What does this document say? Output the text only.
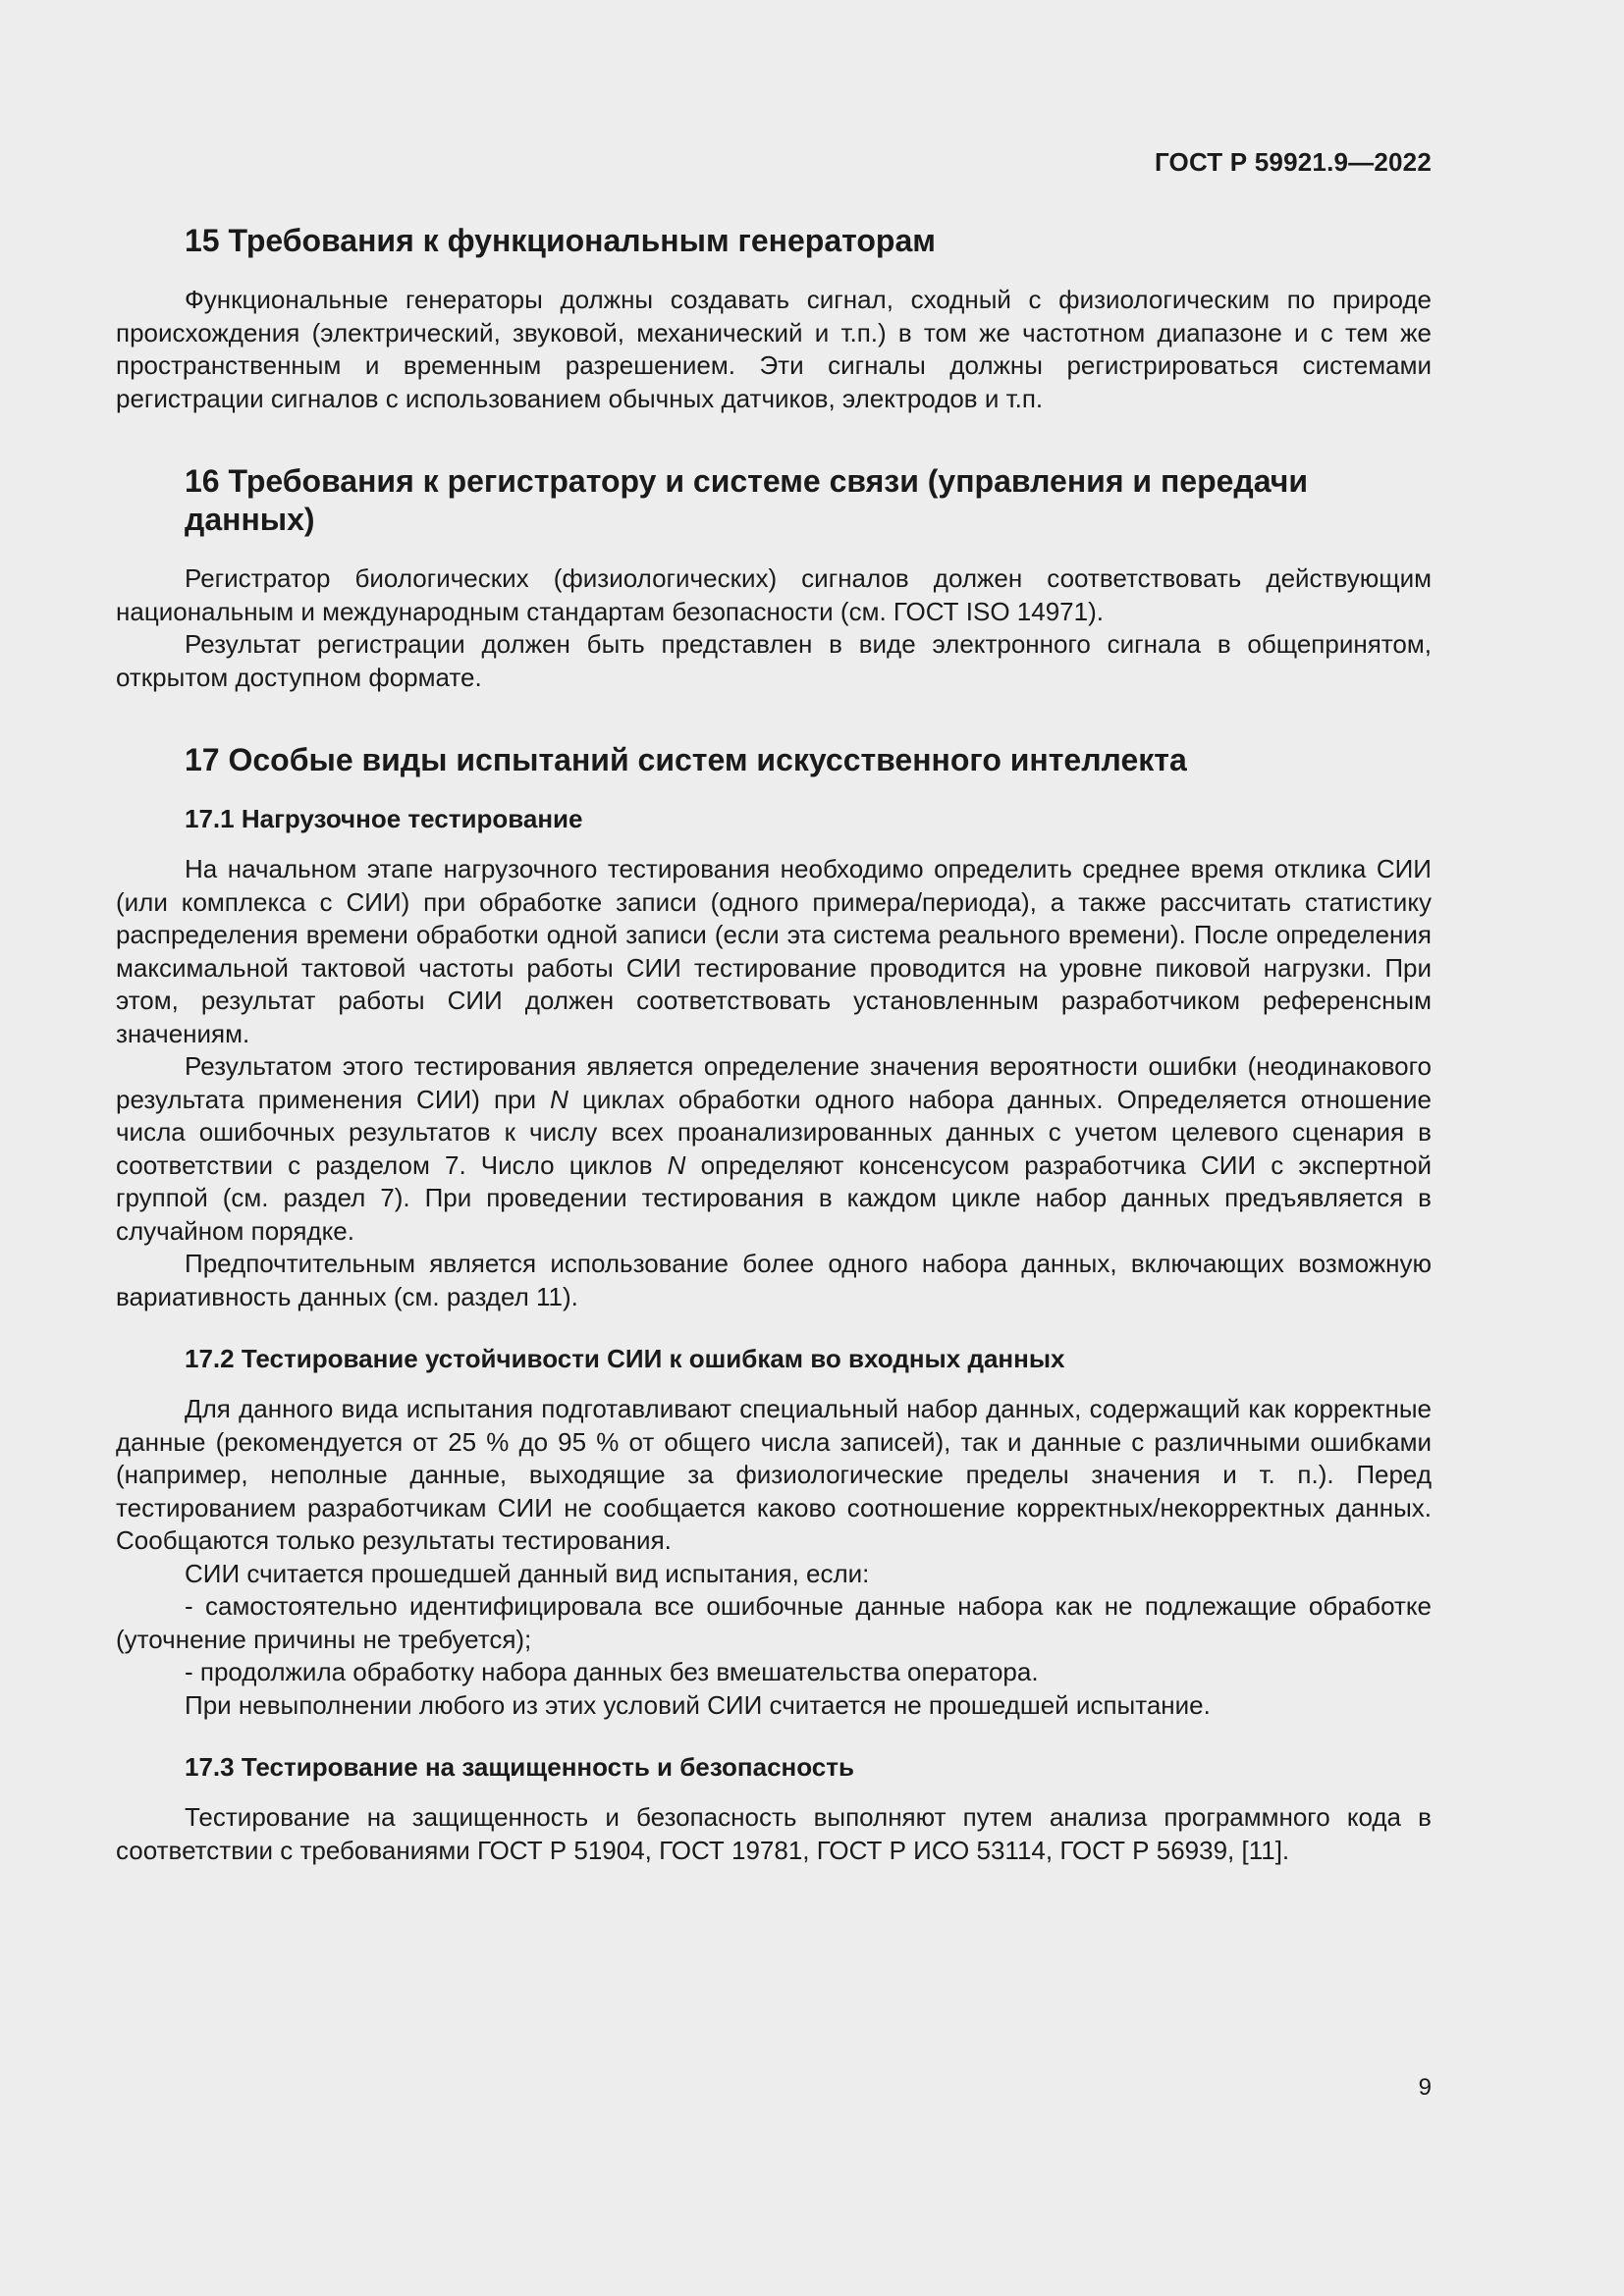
ГОСТ Р 59921.9—2022
15 Требования к функциональным генераторам

Функциональные генераторы должны создавать сигнал, сходный с физиологическим по природе происхождения (электрический, звуковой, механический и т.п.) в том же частотном диапазоне и с тем же пространственным и временным разрешением. Эти сигналы должны регистрироваться системами регистрации сигналов с использованием обычных датчиков, электродов и т.п.

16 Требования к регистратору и системе связи (управления и передачи данных)

Регистратор биологических (физиологических) сигналов должен соответствовать действующим национальным и международным стандартам безопасности (см. ГОСТ ISO 14971).

Результат регистрации должен быть представлен в виде электронного сигнала в общепринятом, открытом доступном формате.

17 Особые виды испытаний систем искусственного интеллекта
17.1 Нагрузочное тестирование

На начальном этапе нагрузочного тестирования необходимо определить среднее время отклика СИИ (или комплекса с СИИ) при обработке записи (одного примера/периода), а также рассчитать статистику распределения времени обработки одной записи (если эта система реального времени). После определения максимальной тактовой частоты работы СИИ тестирование проводится на уровне пиковой нагрузки. При этом, результат работы СИИ должен соответствовать установленным разработчиком референсным значениям.

Результатом этого тестирования является определение значения вероятности ошибки (неодинакового результата применения СИИ) при N циклах обработки одного набора данных. Определяется отношение числа ошибочных результатов к числу всех проанализированных данных с учетом целевого сценария в соответствии с разделом 7. Число циклов N определяют консенсусом разработчика СИИ с экспертной группой (см. раздел 7). При проведении тестирования в каждом цикле набор данных предъявляется в случайном порядке.

Предпочтительным является использование более одного набора данных, включающих возможную вариативность данных (см. раздел 11).

17.2 Тестирование устойчивости СИИ к ошибкам во входных данных

Для данного вида испытания подготавливают специальный набор данных, содержащий как корректные данные (рекомендуется от 25 % до 95 % от общего числа записей), так и данные с различными ошибками (например, неполные данные, выходящие за физиологические пределы значения и т. п.). Перед тестированием разработчикам СИИ не сообщается каково соотношение корректных/некорректных данных. Сообщаются только результаты тестирования.

СИИ считается прошедшей данный вид испытания, если:

- самостоятельно идентифицировала все ошибочные данные набора как не подлежащие обработке (уточнение причины не требуется);

- продолжила обработку набора данных без вмешательства оператора.

При невыполнении любого из этих условий СИИ считается не прошедшей испытание.

17.3 Тестирование на защищенность и безопасность

Тестирование на защищенность и безопасность выполняют путем анализа программного кода в соответствии с требованиями ГОСТ Р 51904, ГОСТ 19781, ГОСТ Р ИСО 53114, ГОСТ Р 56939, [11].

9
